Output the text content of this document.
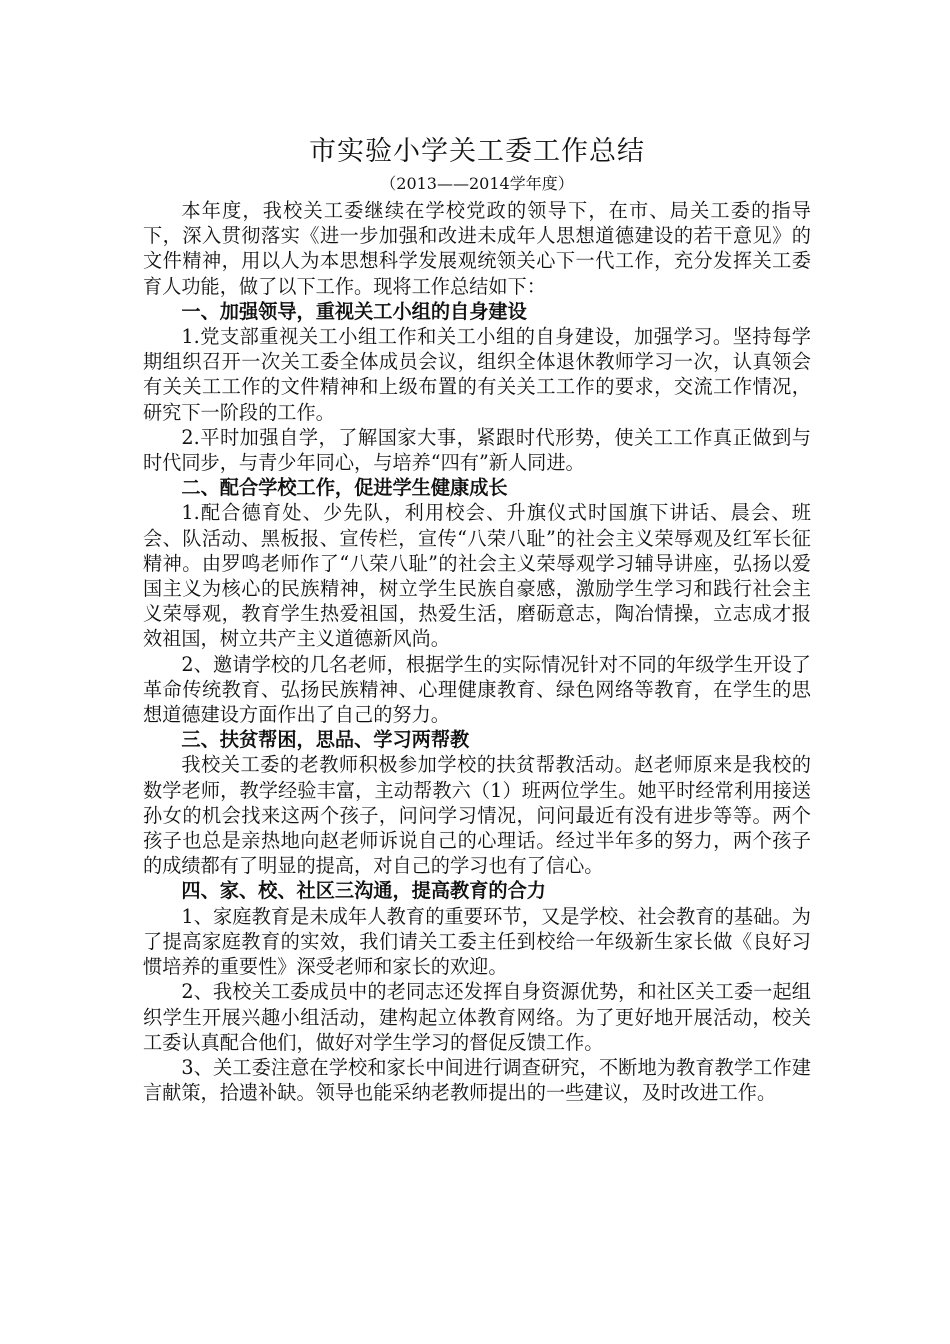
市实验小学关工委工作总结
（2013——2014学年度）

本年度，我校关工委继续在学校党政的领导下，在市、局关工委的指导下，深入贯彻落实《进一步加强和改进未成年人思想道德建设的若干意见》的文件精神，用以人为本思想科学发展观统领关心下一代工作，充分发挥关工委育人功能，做了以下工作。现将工作总结如下：

一、加强领导，重视关工小组的自身建设

1.党支部重视关工小组工作和关工小组的自身建设，加强学习。坚持每学期组织召开一次关工委全体成员会议，组织全体退休教师学习一次，认真领会有关关工工作的文件精神和上级布置的有关关工工作的要求，交流工作情况，研究下一阶段的工作。

2.平时加强自学，了解国家大事，紧跟时代形势，使关工工作真正做到与时代同步，与青少年同心，与培养“四有”新人同进。

二、配合学校工作，促进学生健康成长

1.配合德育处、少先队，利用校会、升旗仪式时国旗下讲话、晨会、班会、队活动、黑板报、宣传栏，宣传“八荣八耻”的社会主义荣辱观及红军长征精神。由罗鸣老师作了“八荣八耻”的社会主义荣辱观学习辅导讲座，弘扬以爱国主义为核心的民族精神，树立学生民族自豪感，激励学生学习和践行社会主义荣辱观，教育学生热爱祖国，热爱生活，磨砺意志，陶冶情操，立志成才报效祖国，树立共产主义道德新风尚。

2、邀请学校的几名老师，根据学生的实际情况针对不同的年级学生开设了革命传统教育、弘扬民族精神、心理健康教育、绿色网络等教育，在学生的思想道德建设方面作出了自己的努力。

三、扶贫帮困，思品、学习两帮教

我校关工委的老教师积极参加学校的扶贫帮教活动。赵老师原来是我校的数学老师，教学经验丰富，主动帮教六（1）班两位学生。她平时经常利用接送孙女的机会找来这两个孩子，问问学习情况，问问最近有没有进步等等。两个孩子也总是亲热地向赵老师诉说自己的心理话。经过半年多的努力，两个孩子的成绩都有了明显的提高，对自己的学习也有了信心。

四、家、校、社区三沟通，提高教育的合力

1、家庭教育是未成年人教育的重要环节，又是学校、社会教育的基础。为了提高家庭教育的实效，我们请关工委主任到校给一年级新生家长做《良好习惯培养的重要性》深受老师和家长的欢迎。

2、我校关工委成员中的老同志还发挥自身资源优势，和社区关工委一起组织学生开展兴趣小组活动，建构起立体教育网络。为了更好地开展活动，校关工委认真配合他们，做好对学生学习的督促反馈工作。

3、关工委注意在学校和家长中间进行调查研究，不断地为教育教学工作建言献策，拾遗补缺。领导也能采纳老教师提出的一些建议，及时改进工作。
